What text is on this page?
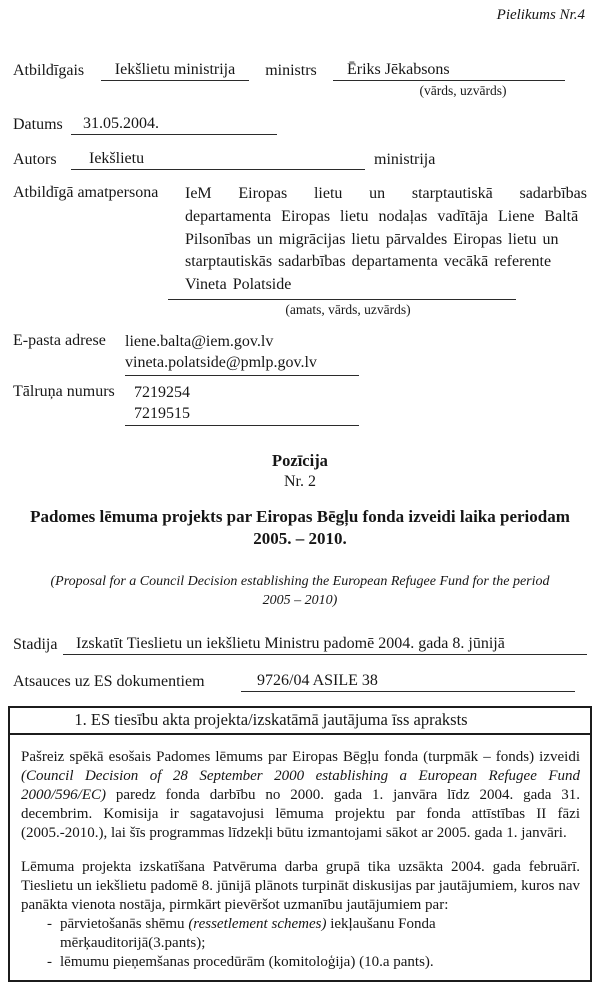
Pielikums Nr.4
Atbildīgais	Iekšlietu ministrija	ministrs	Ēriks Jēkabsons
(vārds, uzvārds)
Datums	31.05.2004.
Autors	Iekšlietu	ministrija
Atbildīgā amatpersona	IeM Eiropas lietu un starptautiskā sadarbības departamenta Eiropas lietu nodaļas vadītāja Liene Baltā
Pilsonības un migrācijas lietu pārvaldes Eiropas lietu un starptautiskās sadarbības departamenta vecākā referente Vineta Polatside
(amats, vārds, uzvārds)
E-pasta adrese	liene.balta@iem.gov.lv
vineta.polatside@pmlp.gov.lv
Tālruņa numurs	7219254
7219515
Pozīcija
Nr. 2
Padomes lēmuma projekts par Eiropas Bēgļu fonda izveidi laika periodam 2005. – 2010.
(Proposal for a Council Decision establishing the European Refugee Fund for the period 2005 – 2010)
Stadija	Izskatīt Tieslietu un iekšlietu Ministru padomē 2004. gada 8. jūnijā
Atsauces uz ES dokumentiem	9726/04 ASILE 38
1. ES tiesību akta projekta/izskatāmā jautājuma īss apraksts

Pašreiz spēkā esošais Padomes lēmums par Eiropas Bēgļu fonda (turpmāk – fonds) izveidi (Council Decision of 28 September 2000 establishing a European Refugee Fund 2000/596/EC) paredz fonda darbību no 2000. gada 1. janvāra līdz 2004. gada 31. decembrim. Komisija ir sagatavojusi lēmuma projektu par fonda attīstības II fāzi (2005.-2010.), lai šīs programmas līdzekļi būtu izmantojami sākot ar 2005. gada 1. janvāri.

Lēmuma projekta izskatīšana Patvēruma darba grupā tika uzsākta 2004. gada februārī. Tieslietu un iekšlietu padomē 8. jūnijā plānots turpināt diskusijas par jautājumiem, kuros nav panākta vienota nostāja, pirmkārt pievēršot uzmanību jautājumiem par:

- pārvietošanās shēmu (ressetlement schemes) iekļaušanu Fonda mērķauditorijā(3.pants);
- lēmumu pieņemšanas procedūrām (komitoloģija) (10.a pants).
